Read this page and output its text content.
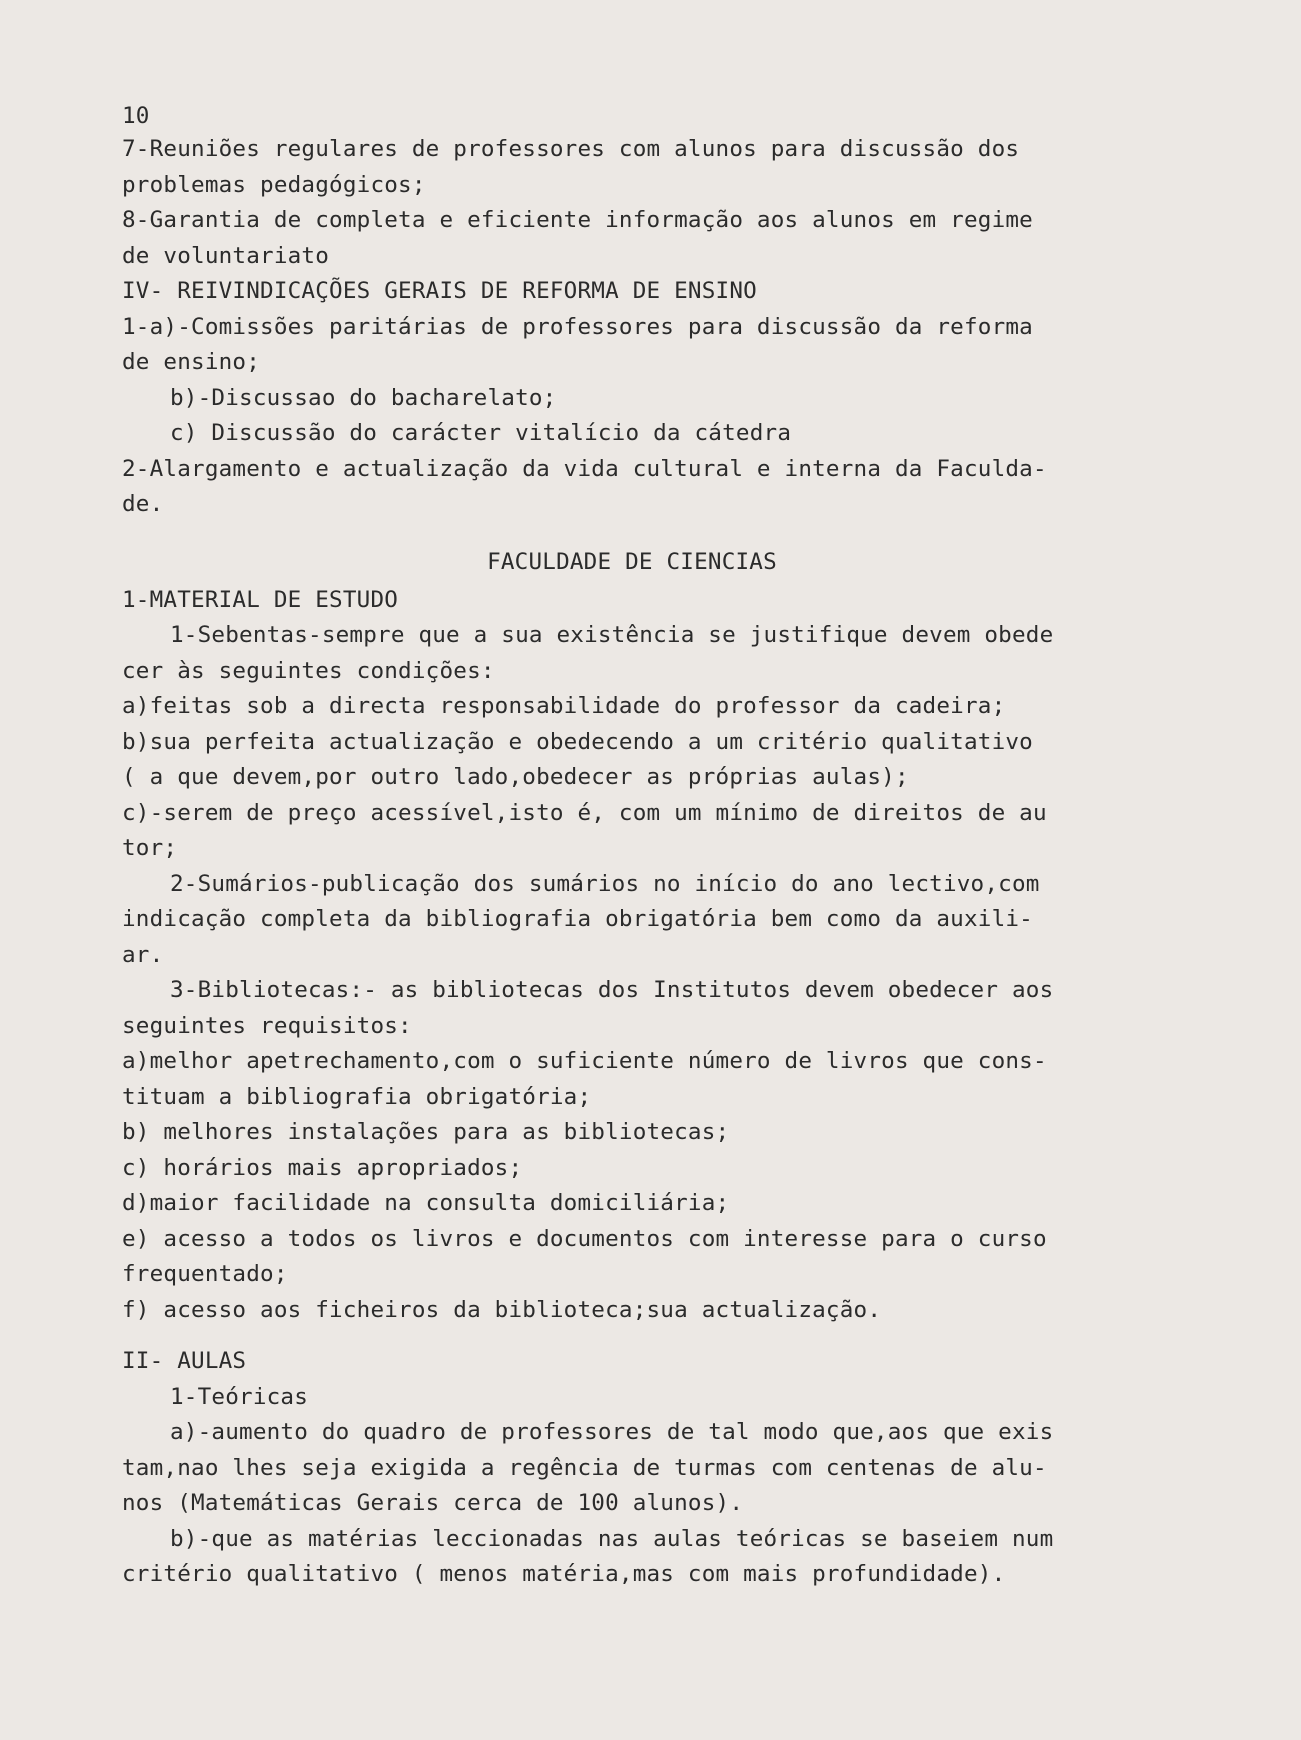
10
7-Reuniões regulares de professores com alunos para discussão dos
problemas pedagógicos;
8-Garantia de completa e eficiente informação aos alunos em regime
de voluntariato
IV- REIVINDICAÇÕES GERAIS DE REFORMA DE ENSINO
1-a)-Comissões paritárias de professores para discussão da reforma
de ensino;
b)-Discussao do bacharelato;
c) Discussão do carácter vitalício da cátedra
2-Alargamento e actualização da vida cultural e interna da Faculda-
de.
FACULDADE DE CIENCIAS
1-MATERIAL DE ESTUDO
1-Sebentas-sempre que a sua existência se justifique devem obede
cer às seguintes condições:
a)feitas sob a directa responsabilidade do professor da cadeira;
b)sua perfeita actualização e obedecendo a um critério qualitativo
( a que devem,por outro lado,obedecer as próprias aulas);
c)-serem de preço acessível,isto é, com um mínimo de direitos de au
tor;
2-Sumários-publicação dos sumários no início do ano lectivo,com
indicação completa da bibliografia obrigatória bem como da auxili-
ar.
3-Bibliotecas:- as bibliotecas dos Institutos devem obedecer aos
seguintes requisitos:
a)melhor apetrechamento,com o suficiente número de livros que cons-
tituam a bibliografia obrigatória;
b) melhores instalações para as bibliotecas;
c) horários mais apropriados;
d)maior facilidade na consulta domiciliária;
e) acesso a todos os livros e documentos com interesse para o curso
frequentado;
f) acesso aos ficheiros da biblioteca;sua actualização.
II- AULAS
1-Teóricas
a)-aumento do quadro de professores de tal modo que,aos que exis
tam,nao lhes seja exigida a regência de turmas com centenas de alu-
nos (Matemáticas Gerais cerca de 100 alunos).
b)-que as matérias leccionadas nas aulas teóricas se baseiem num
critério qualitativo ( menos matéria,mas com mais profundidade).
